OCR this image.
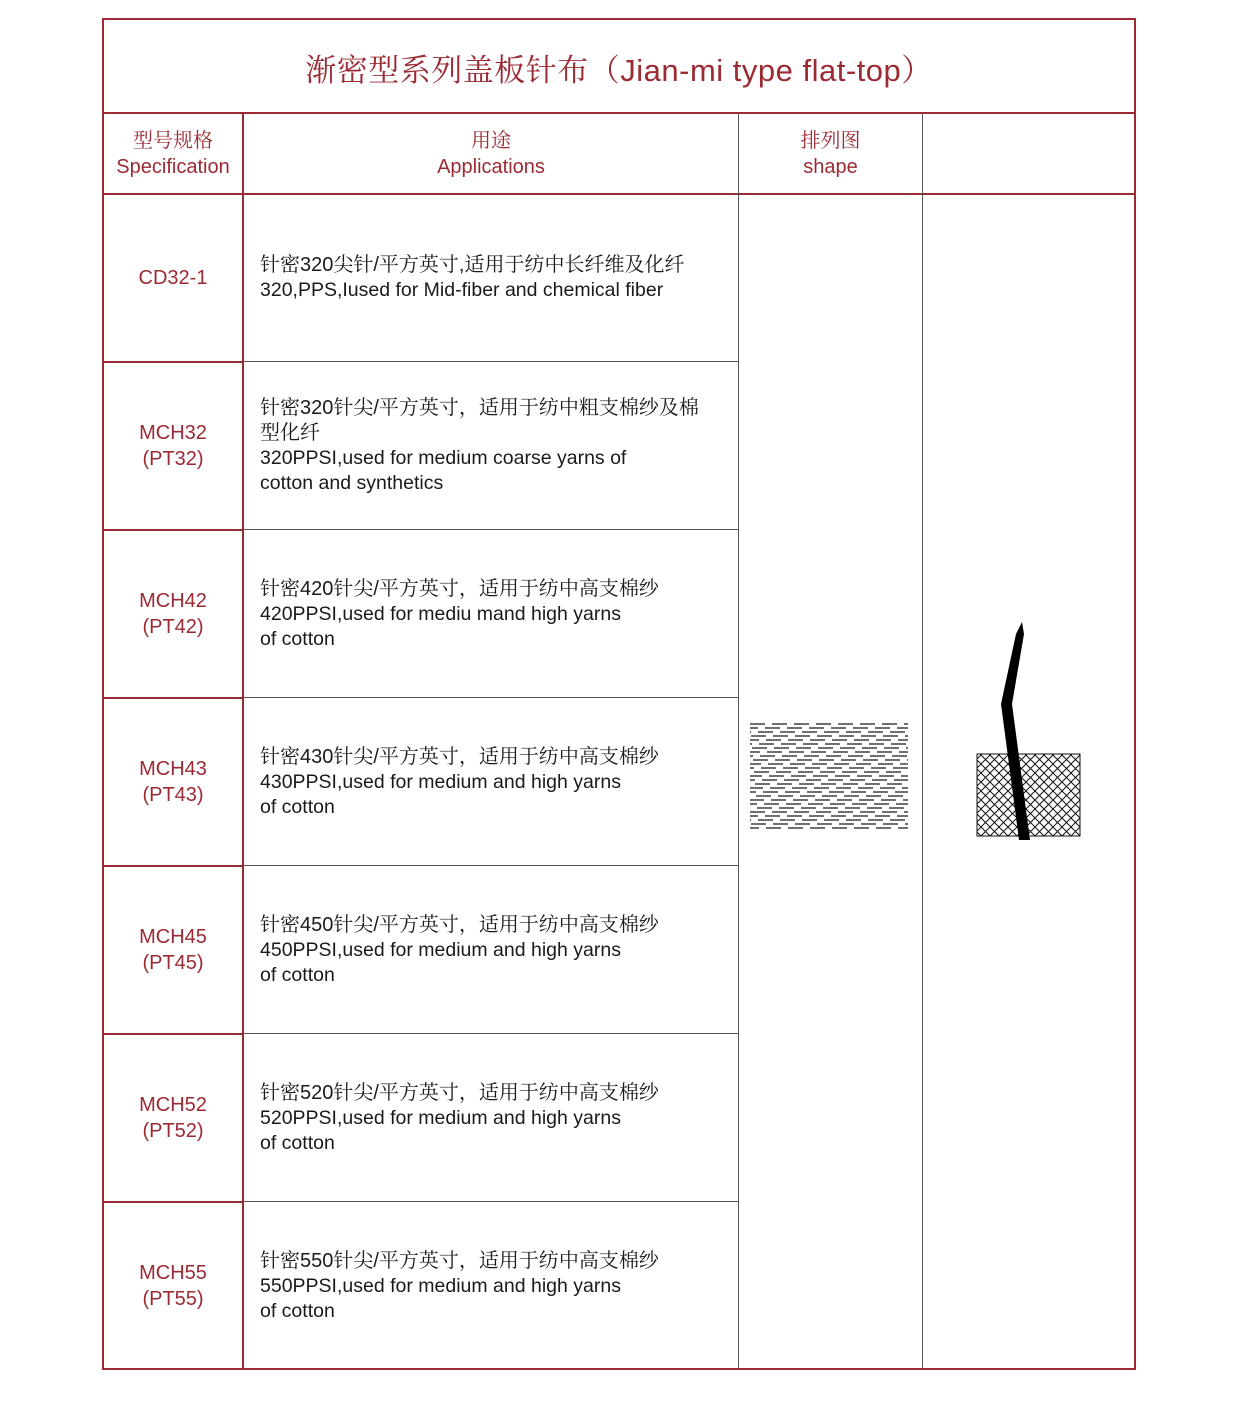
渐密型系列盖板针布（Jian-mi type flat-top）
型号规格
Specification
用途
Applications
排列图
shape
CD32-1
针密320尖针/平方英寸,适用于纺中长纤维及化纤
320,PPS,Iused for Mid-fiber and chemical fiber
MCH32
(PT32)
针密320针尖/平方英寸，适用于纺中粗支棉纱及棉
型化纤
320PPSI,used for medium coarse yarns of
cotton and synthetics
MCH42
(PT42)
针密420针尖/平方英寸，适用于纺中高支棉纱
420PPSI,used for mediu mand high yarns
of cotton
MCH43
(PT43)
针密430针尖/平方英寸，适用于纺中高支棉纱
430PPSI,used for medium and high yarns
of cotton
MCH45
(PT45)
针密450针尖/平方英寸，适用于纺中高支棉纱
450PPSI,used for medium and high yarns
of cotton
MCH52
(PT52)
针密520针尖/平方英寸，适用于纺中高支棉纱
520PPSI,used for medium and high yarns
of cotton
MCH55
(PT55)
针密550针尖/平方英寸，适用于纺中高支棉纱
550PPSI,used for medium and high yarns
of cotton
